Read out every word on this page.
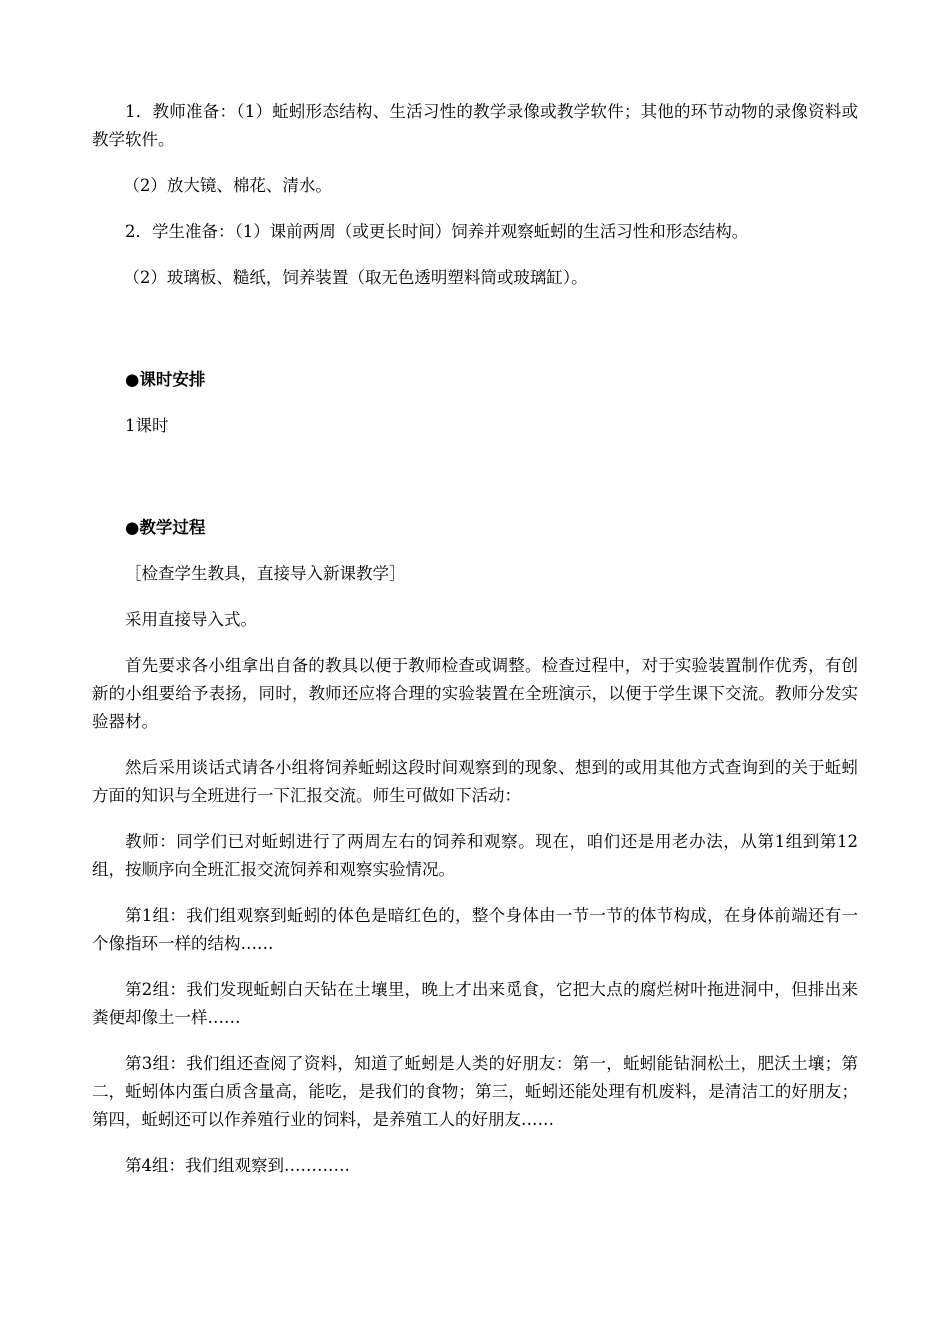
1．教师准备：（1）蚯蚓形态结构、生活习性的教学录像或教学软件；其他的环节动物的录像资料或教学软件。

（2）放大镜、棉花、清水。

2．学生准备：（1）课前两周（或更长时间）饲养并观察蚯蚓的生活习性和形态结构。

（2）玻璃板、糙纸，饲养装置（取无色透明塑料筒或玻璃缸）。

●课时安排

1课时

●教学过程

［检查学生教具，直接导入新课教学］

采用直接导入式。

首先要求各小组拿出自备的教具以便于教师检查或调整。检查过程中，对于实验装置制作优秀，有创新的小组要给予表扬，同时，教师还应将合理的实验装置在全班演示，以便于学生课下交流。教师分发实验器材。

然后采用谈话式请各小组将饲养蚯蚓这段时间观察到的现象、想到的或用其他方式查询到的关于蚯蚓方面的知识与全班进行一下汇报交流。师生可做如下活动：

教师：同学们已对蚯蚓进行了两周左右的饲养和观察。现在，咱们还是用老办法，从第1组到第12组，按顺序向全班汇报交流饲养和观察实验情况。

第1组：我们组观察到蚯蚓的体色是暗红色的，整个身体由一节一节的体节构成，在身体前端还有一个像指环一样的结构……

第2组：我们发现蚯蚓白天钻在土壤里，晚上才出来觅食，它把大点的腐烂树叶拖进洞中，但排出来粪便却像土一样……

第3组：我们组还查阅了资料，知道了蚯蚓是人类的好朋友：第一，蚯蚓能钻洞松土，肥沃土壤；第二，蚯蚓体内蛋白质含量高，能吃，是我们的食物；第三，蚯蚓还能处理有机废料，是清洁工的好朋友；第四，蚯蚓还可以作养殖行业的饲料，是养殖工人的好朋友……

第4组：我们组观察到…………
